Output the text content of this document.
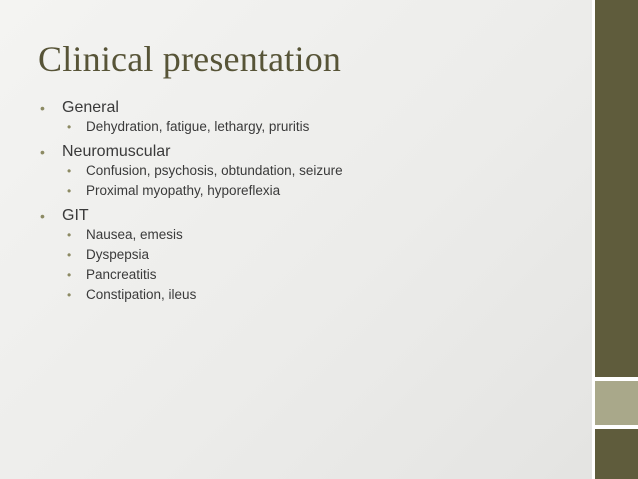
Clinical presentation
• General
• Dehydration, fatigue, lethargy, pruritis
• Neuromuscular
• Confusion, psychosis, obtundation, seizure
• Proximal myopathy, hyporeflexia
• GIT
• Nausea, emesis
• Dyspepsia
• Pancreatitis
• Constipation, ileus
